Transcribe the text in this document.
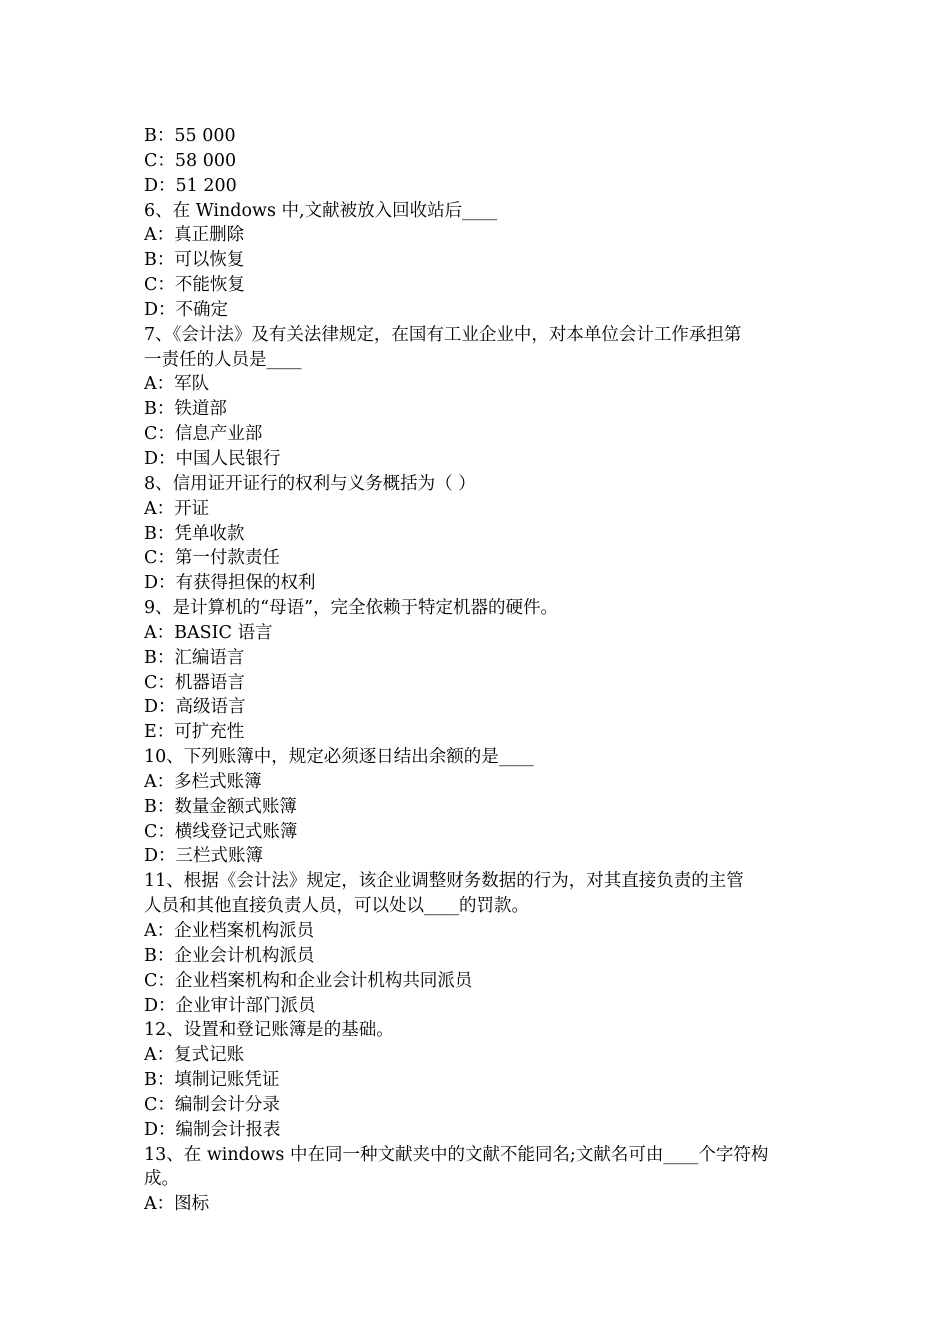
B：55 000
C：58 000
D：51 200
6、在 Windows 中,文献被放入回收站后____
A：真正删除
B：可以恢复
C：不能恢复
D：不确定
7、《会计法》及有关法律规定，在国有工业企业中，对本单位会计工作承担第
一责任的人员是____
A：军队
B：铁道部
C：信息产业部
D：中国人民银行
8、信用证开证行的权利与义务概括为（ ）
A：开证
B：凭单收款
C：第一付款责任
D：有获得担保的权利
9、是计算机的“母语”，完全依赖于特定机器的硬件。
A：BASIC 语言
B：汇编语言
C：机器语言
D：高级语言
E：可扩充性
10、下列账簿中，规定必须逐日结出余额的是____
A：多栏式账簿
B：数量金额式账簿
C：横线登记式账簿
D：三栏式账簿
11、根据《会计法》规定，该企业调整财务数据的行为，对其直接负责的主管
人员和其他直接负责人员，可以处以____的罚款。
A：企业档案机构派员
B：企业会计机构派员
C：企业档案机构和企业会计机构共同派员
D：企业审计部门派员
12、设置和登记账簿是的基础。
A：复式记账
B：填制记账凭证
C：编制会计分录
D：编制会计报表
13、在 windows 中在同一种文献夹中的文献不能同名;文献名可由____个字符构
成。
A：图标
